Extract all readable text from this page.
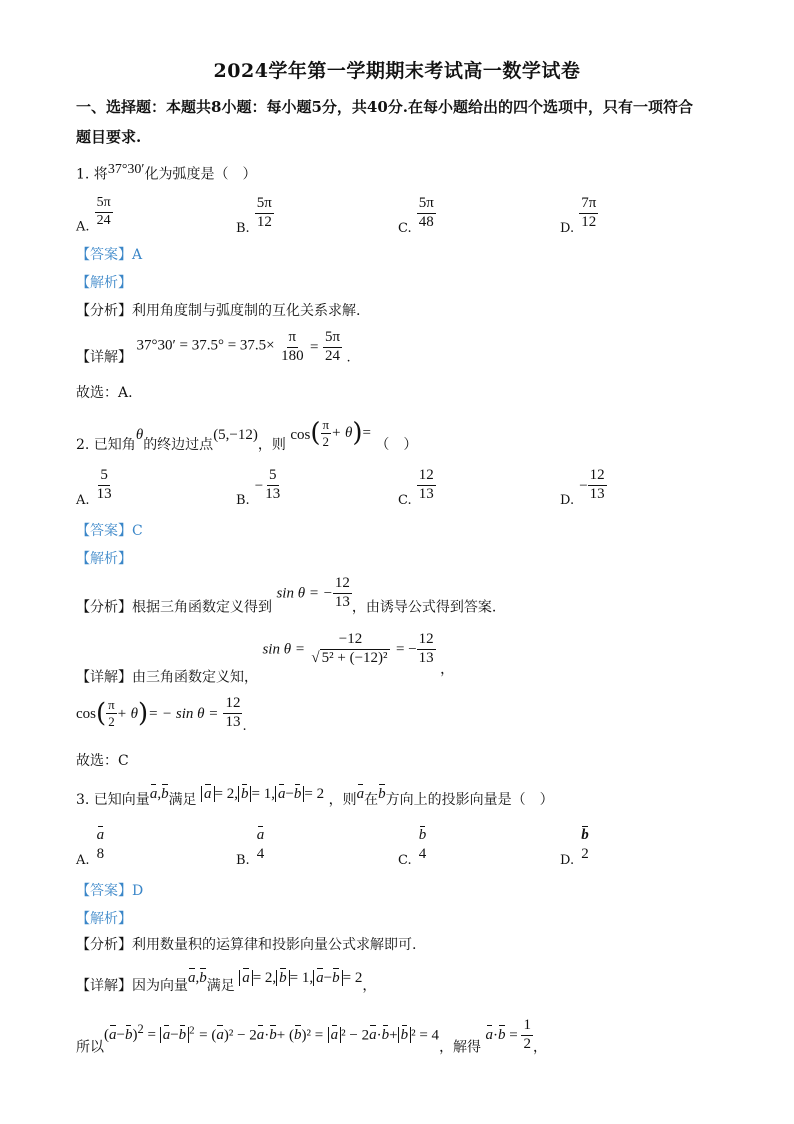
2024学年第一学期期末考试高一数学试卷
一、选择题：本题共8小题：每小题5分，共40分.在每小题给出的四个选项中，只有一项符合
题目要求.
1. 将$^{37^\circ 30'}$化为弧度是（　）
$_{A.} \frac{5\pi}{24}$	$_{B.} \frac{5\pi}{12}$	$_{C.} \frac{5\pi}{48}$	$_{D.} \frac{7\pi}{12}$
【答案】A
【解析】
【分析】利用角度制与弧度制的互化关系求解.
【详解】 $37^\circ 30' = 37.5^\circ = 37.5\times \frac{\pi}{180} = \frac{5\pi}{24}$ .
故选：A.
2. 已知角θ的终边过点(5,−12)，则 $\cos( \frac{\pi}{2} + \theta)=$ （　）
$_{A.} \frac{5}{13}$	$_{B.} - \frac{5}{13}$	$_{C.} \frac{12}{13}$	$_{D.} - \frac{12}{13}$
【答案】C
【解析】
【分析】根据三角函数定义得到 sin θ = − $\frac{12}{13}$ ，由诱导公式得到答案.
【详解】由三角函数定义知， $\sin \theta = \frac{-12}{\text{√ 5² + (−12)²}}$ = − $\frac{12}{13}$
，
$\cos( \frac{\pi}{2} + \theta)= - \sin \theta = \frac{12}{13} _.$
故选：C
3. 已知向量a,b满足 a = 2, b = 1, a−b = 2 ，则a在b方向上的投影向量是（　）
$_{A.}$
a
8	$_{B.}$
a
4	$_{C.}$
b
4	$_{D.}$
b
2
【答案】D
【解析】
【分析】利用数量积的运算律和投影向量公式求解即可.
【详解】因为向量a,b满足 a = 2, b = 1, a−b = 2，
所以$(a-b)^2 = a-b$ $^2$ = (a)² − 2a·b+ (b)² = a ² − 2a·b+ b ² = 4，解得 $a\cdot b = \frac{1}{2}$ ，
